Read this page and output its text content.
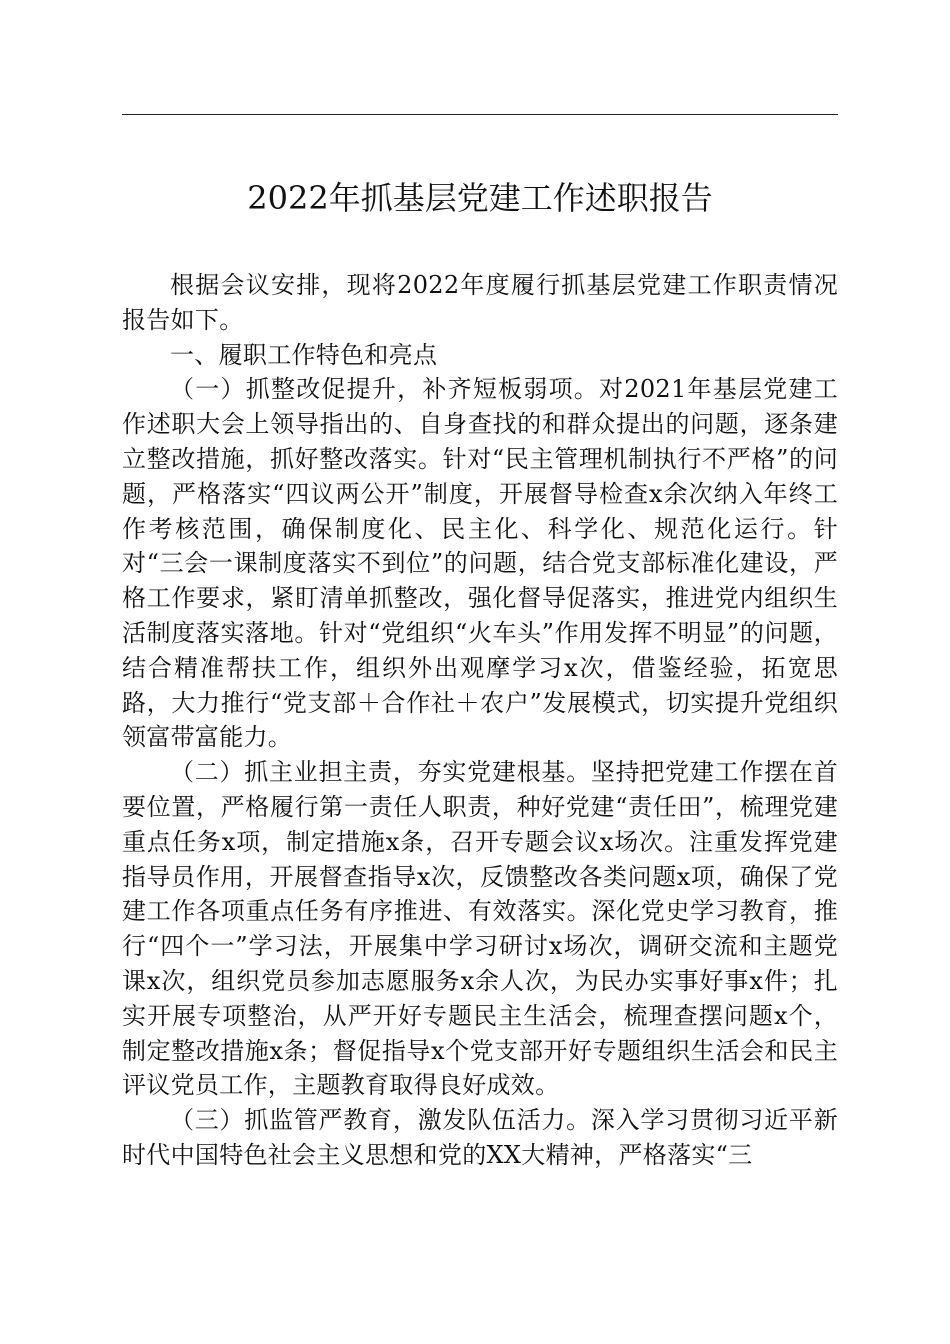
2022年抓基层党建工作述职报告

根据会议安排，现将2022年度履行抓基层党建工作职责情况报告如下。

一、履职工作特色和亮点

（一）抓整改促提升，补齐短板弱项。对2021年基层党建工作述职大会上领导指出的、自身查找的和群众提出的问题，逐条建立整改措施，抓好整改落实。针对“民主管理机制执行不严格”的问题，严格落实“四议两公开”制度，开展督导检查x余次纳入年终工作考核范围，确保制度化、民主化、科学化、规范化运行。针对“三会一课制度落实不到位”的问题，结合党支部标准化建设，严格工作要求，紧盯清单抓整改，强化督导促落实，推进党内组织生活制度落实落地。针对“党组织“火车头”作用发挥不明显”的问题，结合精准帮扶工作，组织外出观摩学习x次，借鉴经验，拓宽思路，大力推行“党支部＋合作社＋农户”发展模式，切实提升党组织领富带富能力。

（二）抓主业担主责，夯实党建根基。坚持把党建工作摆在首要位置，严格履行第一责任人职责，种好党建“责任田”，梳理党建重点任务x项，制定措施x条，召开专题会议x场次。注重发挥党建指导员作用，开展督查指导x次，反馈整改各类问题x项，确保了党建工作各项重点任务有序推进、有效落实。深化党史学习教育，推行“四个一”学习法，开展集中学习研讨x场次，调研交流和主题党课x次，组织党员参加志愿服务x余人次，为民办实事好事x件；扎实开展专项整治，从严开好专题民主生活会，梳理查摆问题x个，制定整改措施x条；督促指导x个党支部开好专题组织生活会和民主评议党员工作，主题教育取得良好成效。

（三）抓监管严教育，激发队伍活力。深入学习贯彻习近平新时代中国特色社会主义思想和党的XX大精神，严格落实“三
